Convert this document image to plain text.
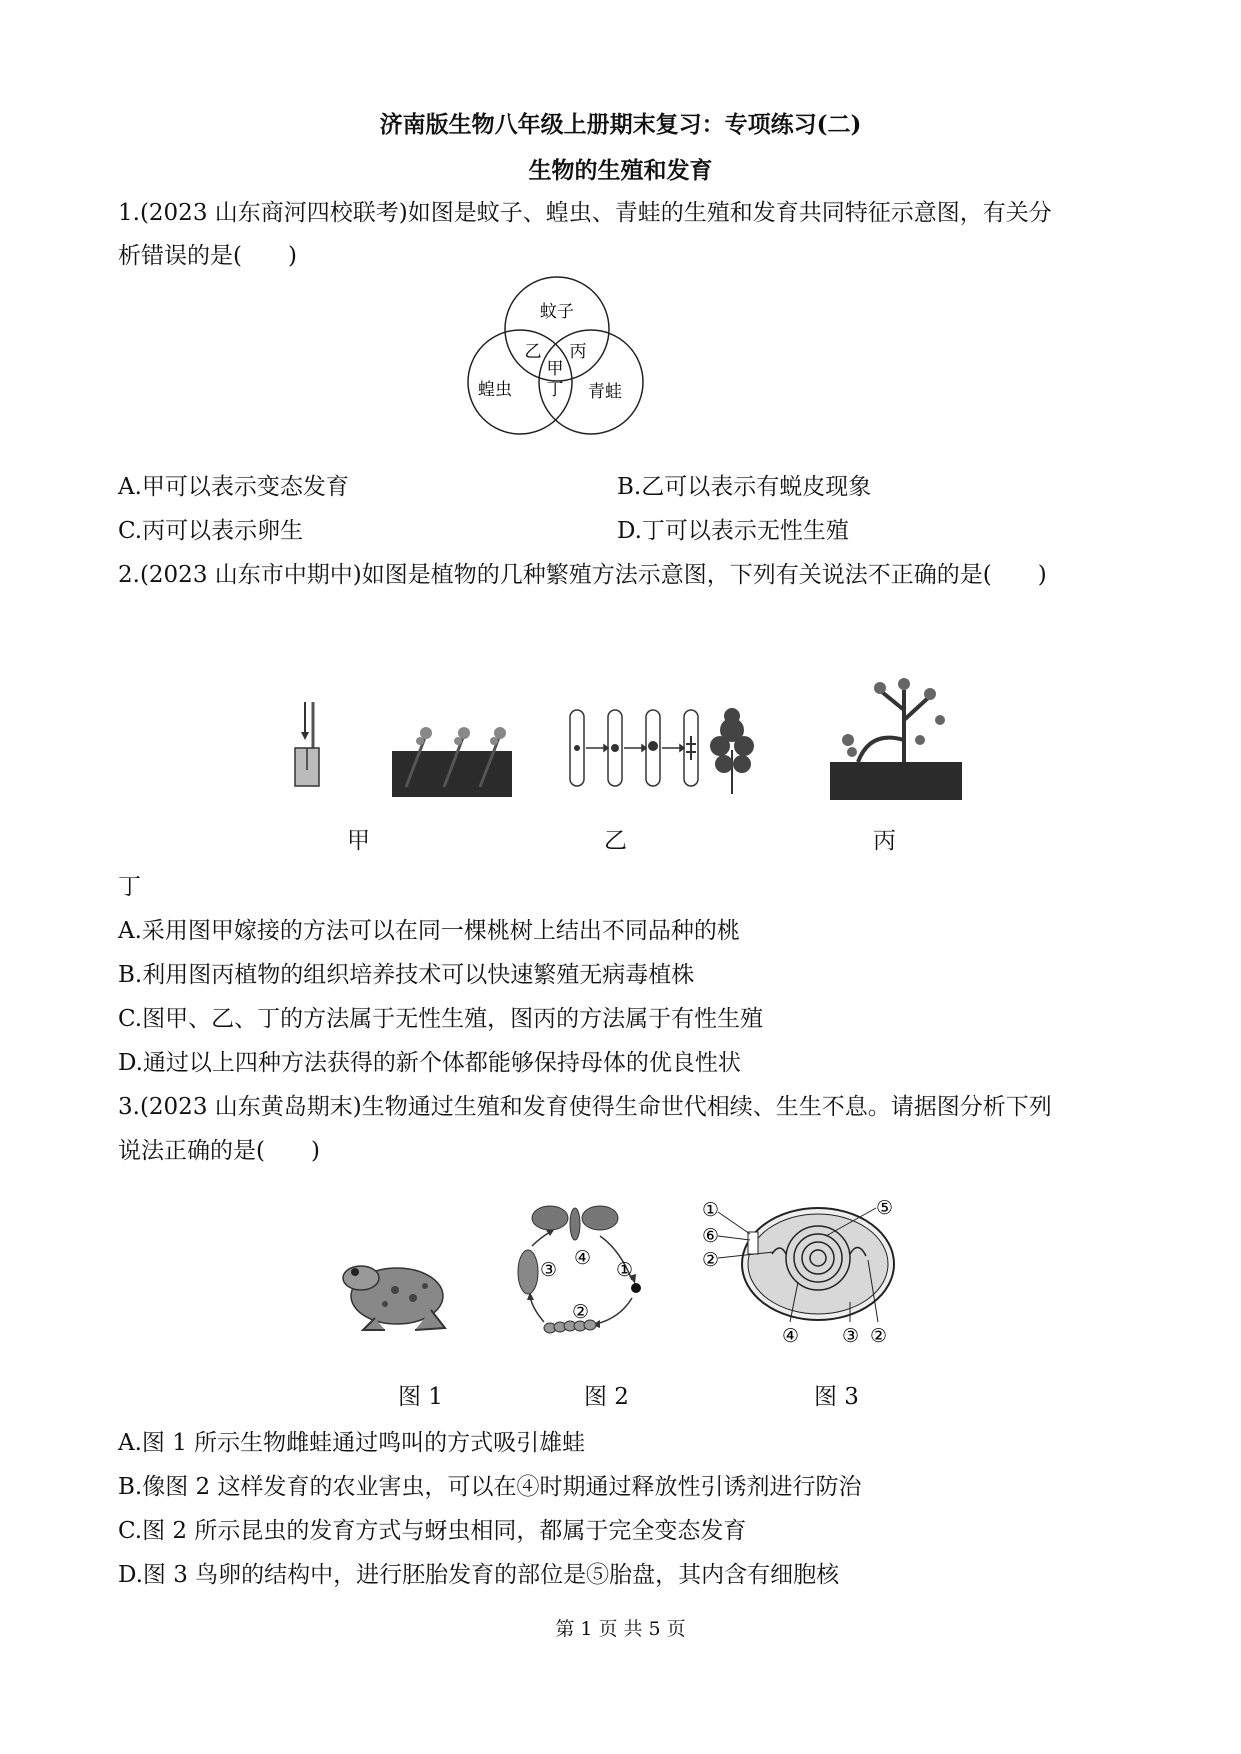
济南版生物八年级上册期末复习：专项练习(二)
生物的生殖和发育
1.(2023 山东商河四校联考)如图是蚊子、蝗虫、青蛙的生殖和发育共同特征示意图，有关分
析错误的是(　　)
蚊子
蝗虫	青蛙
乙 丙
甲
丁
A.甲可以表示变态发育	B.乙可以表示有蜕皮现象
C.丙可以表示卵生	D.丁可以表示无性生殖
2.(2023 山东市中期中)如图是植物的几种繁殖方法示意图，下列有关说法不正确的是(　　)
甲	乙	丙
丁
A.采用图甲嫁接的方法可以在同一棵桃树上结出不同品种的桃
B.利用图丙植物的组织培养技术可以快速繁殖无病毒植株
C.图甲、乙、丁的方法属于无性生殖，图丙的方法属于有性生殖
D.通过以上四种方法获得的新个体都能够保持母体的优良性状
3.(2023 山东黄岛期末)生物通过生殖和发育使得生命世代相续、生生不息。请据图分析下列
说法正确的是(　　)
①
②
③
④
①
⑥
②
⑤
④ ③ ②
图 1	图 2	图 3
A.图 1 所示生物雌蛙通过鸣叫的方式吸引雄蛙
B.像图 2 这样发育的农业害虫，可以在④时期通过释放性引诱剂进行防治
C.图 2 所示昆虫的发育方式与蚜虫相同，都属于完全变态发育
D.图 3 鸟卵的结构中，进行胚胎发育的部位是⑤胎盘，其内含有细胞核
第 1 页 共 5 页
